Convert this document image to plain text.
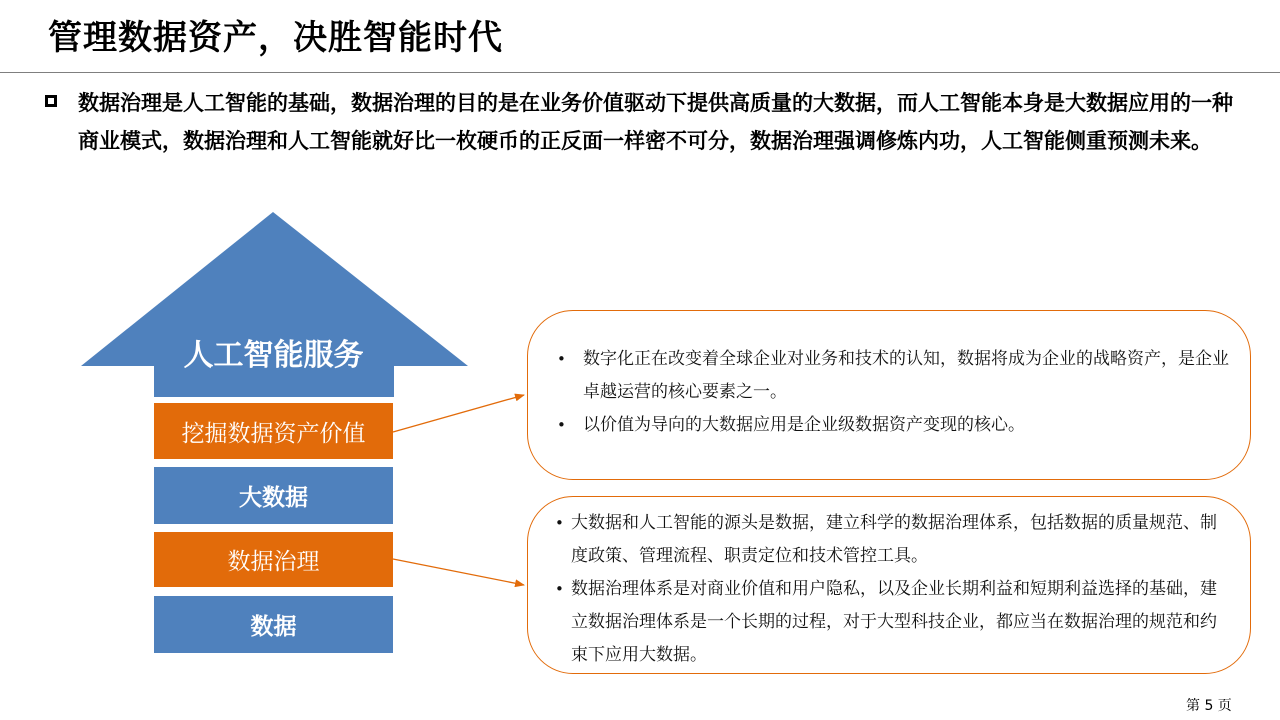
管理数据资产，决胜智能时代

数据治理是人工智能的基础，数据治理的目的是在业务价值驱动下提供高质量的大数据，而人工智能本身是大数据应用的一种商业模式，数据治理和人工智能就好比一枚硬币的正反面一样密不可分，数据治理强调修炼内功，人工智能侧重预测未来。

人工智能服务
挖掘数据资产价值
大数据
数据治理
数据
• 数字化正在改变着全球企业对业务和技术的认知，数据将成为企业的战略资产，是企业卓越运营的核心要素之一。
• 以价值为导向的大数据应用是企业级数据资产变现的核心。
• 大数据和人工智能的源头是数据，建立科学的数据治理体系，包括数据的质量规范、制度政策、管理流程、职责定位和技术管控工具。
• 数据治理体系是对商业价值和用户隐私，以及企业长期利益和短期利益选择的基础，建立数据治理体系是一个长期的过程，对于大型科技企业，都应当在数据治理的规范和约束下应用大数据。
第 5 页
